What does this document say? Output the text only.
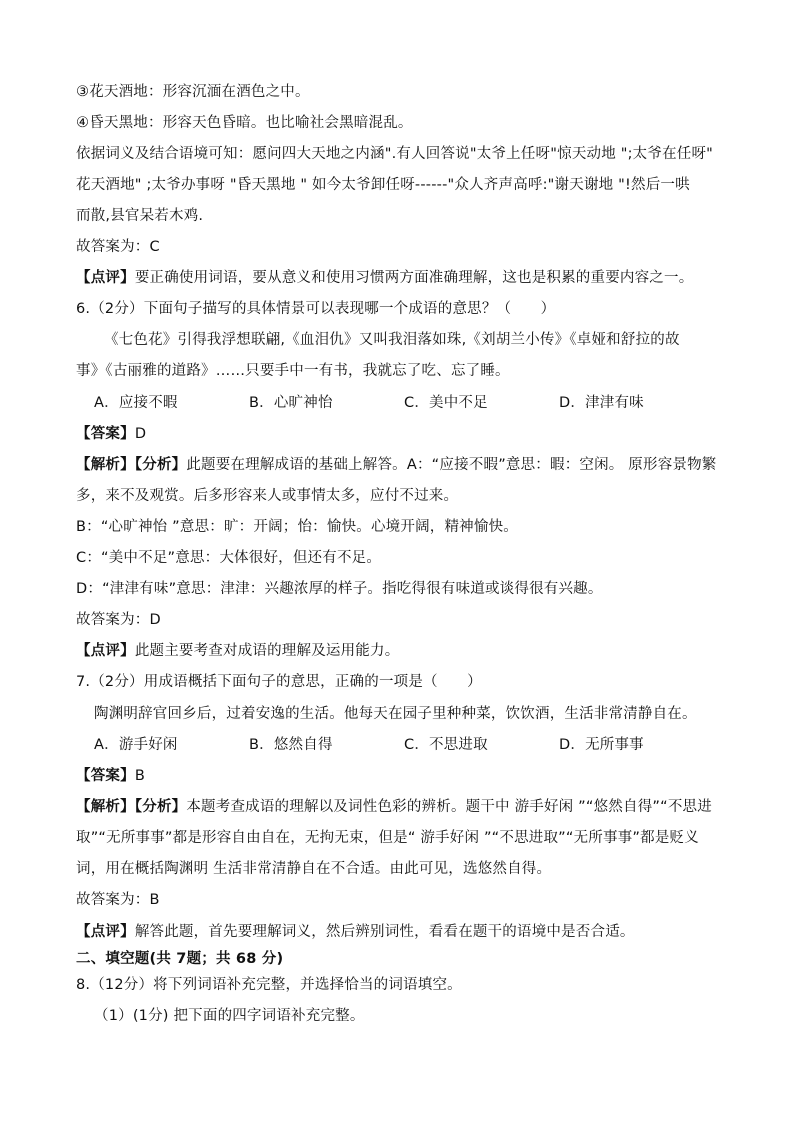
③花天酒地：形容沉湎在酒色之中。

④昏天黑地：形容天色昏暗。也比喻社会黑暗混乱。

依据词义及结合语境可知：愿问四大天地之内涵".有人回答说"太爷上任呀"惊天动地 ";太爷在任呀"

花天酒地" ;太爷办事呀 "昏天黑地 " 如今太爷卸任呀------"众人齐声高呼:"谢天谢地 "!然后一哄

而散,县官呆若木鸡.

故答案为：C

【点评】要正确使用词语，要从意义和使用习惯两方面准确理解，这也是积累的重要内容之一。

6.（2分）下面句子描写的具体情景可以表现哪一个成语的意思？（　　）

《七色花》引得我浮想联翩,《血泪仇》又叫我泪落如珠,《刘胡兰小传》《卓娅和舒拉的故

事》《古丽雅的道路》……只要手中一有书，我就忘了吃、忘了睡。

A．应接不暇	B．心旷神怡	C．美中不足	D．津津有味

【答案】D

【解析】【分析】此题要在理解成语的基础上解答。A：“应接不暇”意思：暇：空闲。 原形容景物繁

多，来不及观赏。后多形容来人或事情太多，应付不过来。

B：“心旷神怡 ”意思：旷：开阔；怡：愉快。心境开阔，精神愉快。

C：“美中不足”意思：大体很好，但还有不足。

D：“津津有味”意思：津津：兴趣浓厚的样子。指吃得很有味道或谈得很有兴趣。

故答案为：D

【点评】此题主要考查对成语的理解及运用能力。

7.（2分）用成语概括下面句子的意思，正确的一项是（　　）

陶渊明辞官回乡后，过着安逸的生活。他每天在园子里种种菜，饮饮酒，生活非常清静自在。

A．游手好闲	B．悠然自得	C．不思进取	D．无所事事

【答案】B

【解析】【分析】本题考查成语的理解以及词性色彩的辨析。题干中 游手好闲 ”“悠然自得”“不思进

取”“无所事事”都是形容自由自在，无拘无束，但是“ 游手好闲 ”“不思进取”“无所事事”都是贬义

词，用在概括陶渊明 生活非常清静自在不合适。由此可见，选悠然自得。

故答案为：B

【点评】解答此题，首先要理解词义，然后辨别词性，看看在题干的语境中是否合适。

二、填空题(共 7题；共 68 分)

8.（12分）将下列词语补充完整，并选择恰当的词语填空。

（1）(1分) 把下面的四字词语补充完整。
